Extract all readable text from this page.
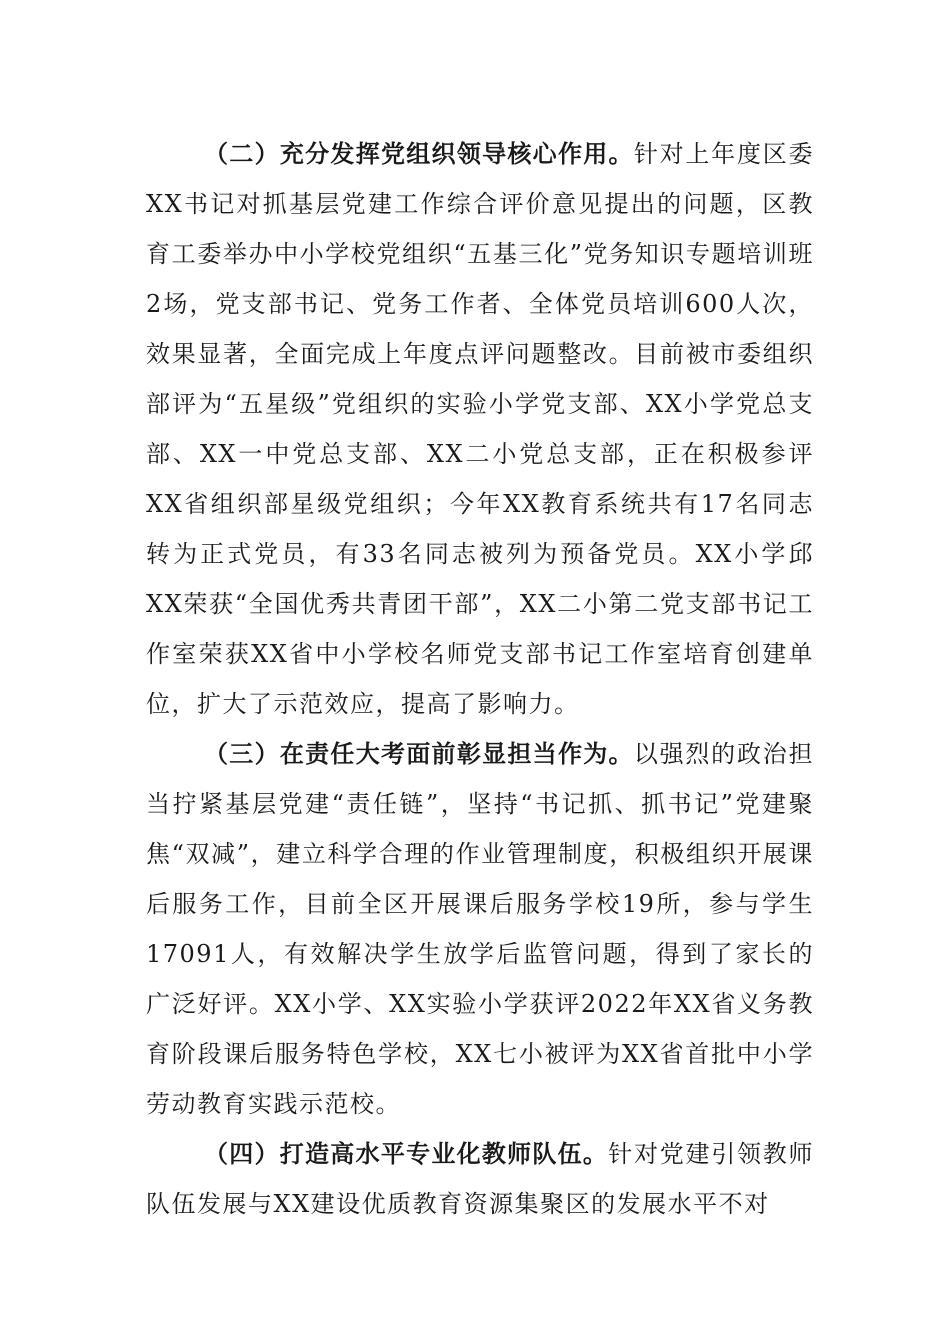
（二）充分发挥党组织领导核心作用。针对上年度区委XX书记对抓基层党建工作综合评价意见提出的问题，区教育工委举办中小学校党组织“五基三化”党务知识专题培训班2场，党支部书记、党务工作者、全体党员培训600人次，效果显著，全面完成上年度点评问题整改。目前被市委组织部评为“五星级”党组织的实验小学党支部、XX小学党总支部、XX一中党总支部、XX二小党总支部，正在积极参评XX省组织部星级党组织；今年XX教育系统共有17名同志转为正式党员，有33名同志被列为预备党员。XX小学邱XX荣获“全国优秀共青团干部”，XX二小第二党支部书记工作室荣获XX省中小学校名师党支部书记工作室培育创建单位，扩大了示范效应，提高了影响力。

（三）在责任大考面前彰显担当作为。以强烈的政治担当拧紧基层党建“责任链”，坚持“书记抓、抓书记”党建聚焦“双减”，建立科学合理的作业管理制度，积极组织开展课后服务工作，目前全区开展课后服务学校19所，参与学生17091人，有效解决学生放学后监管问题，得到了家长的广泛好评。XX小学、XX实验小学获评2022年XX省义务教育阶段课后服务特色学校，XX七小被评为XX省首批中小学劳动教育实践示范校。

（四）打造高水平专业化教师队伍。针对党建引领教师队伍发展与XX建设优质教育资源集聚区的发展水平不对
